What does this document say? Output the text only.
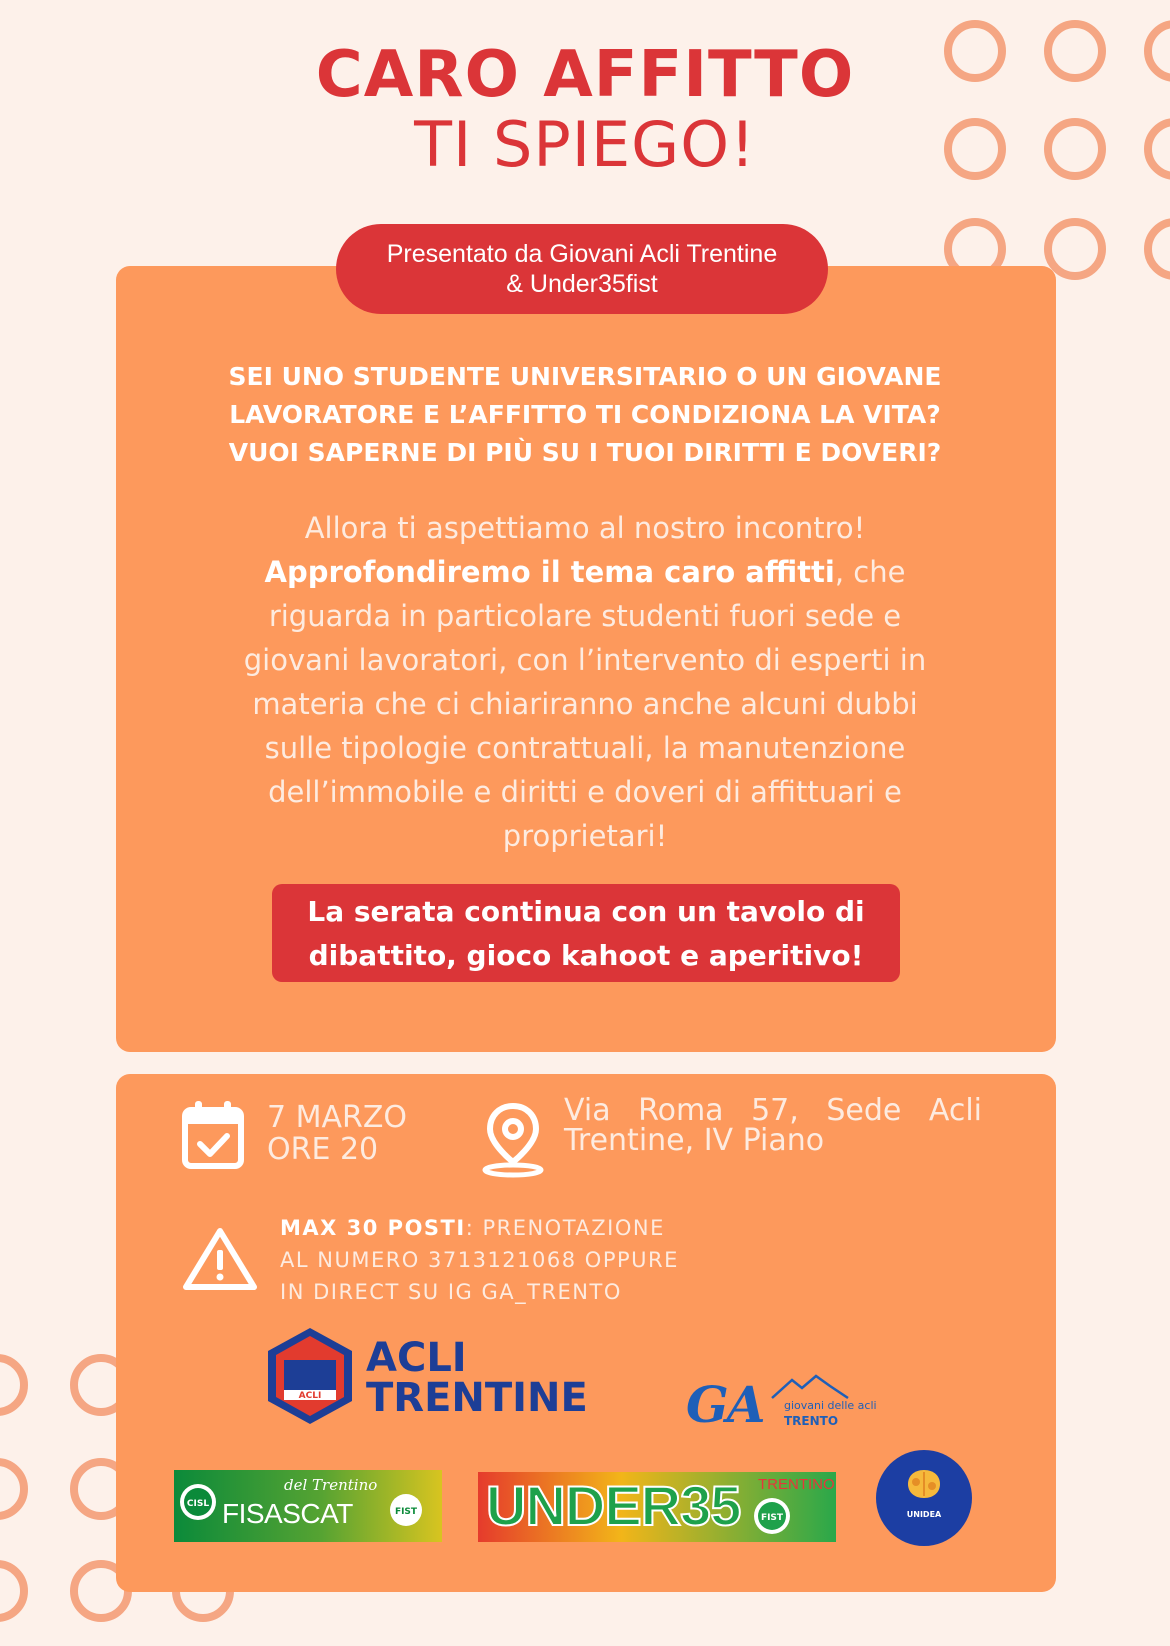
CARO AFFITTO
TI SPIEGO!
Presentato da Giovani Acli Trentine
& Under35fist
SEI UNO STUDENTE UNIVERSITARIO O UN GIOVANE
LAVORATORE E L’AFFITTO TI CONDIZIONA LA VITA?
VUOI SAPERNE DI PIÙ SU I TUOI DIRITTI E DOVERI?
Allora ti aspettiamo al nostro incontro!
Approfondiremo il tema caro affitti, che
riguarda in particolare studenti fuori sede e
giovani lavoratori, con l’intervento di esperti in
materia che ci chiariranno anche alcuni dubbi
sulle tipologie contrattuali, la manutenzione
dell’immobile e diritti e doveri di affittuari e
proprietari!
La serata continua con un tavolo di
dibattito, gioco kahoot e aperitivo!
7 MARZO
ORE 20
Via Roma 57, Sede Acli Trentine, IV Piano
MAX 30 POSTI: PRENOTAZIONE
AL NUMERO 3713121068 OPPURE
IN DIRECT SU IG GA_TRENTO
ACLI
ACLI
TRENTINE GA giovani delle acli
TRENTO
CISL
del Trentino
FISASCAT	FIST UNDER35 TRENTINO
FIST	UNIDEA
